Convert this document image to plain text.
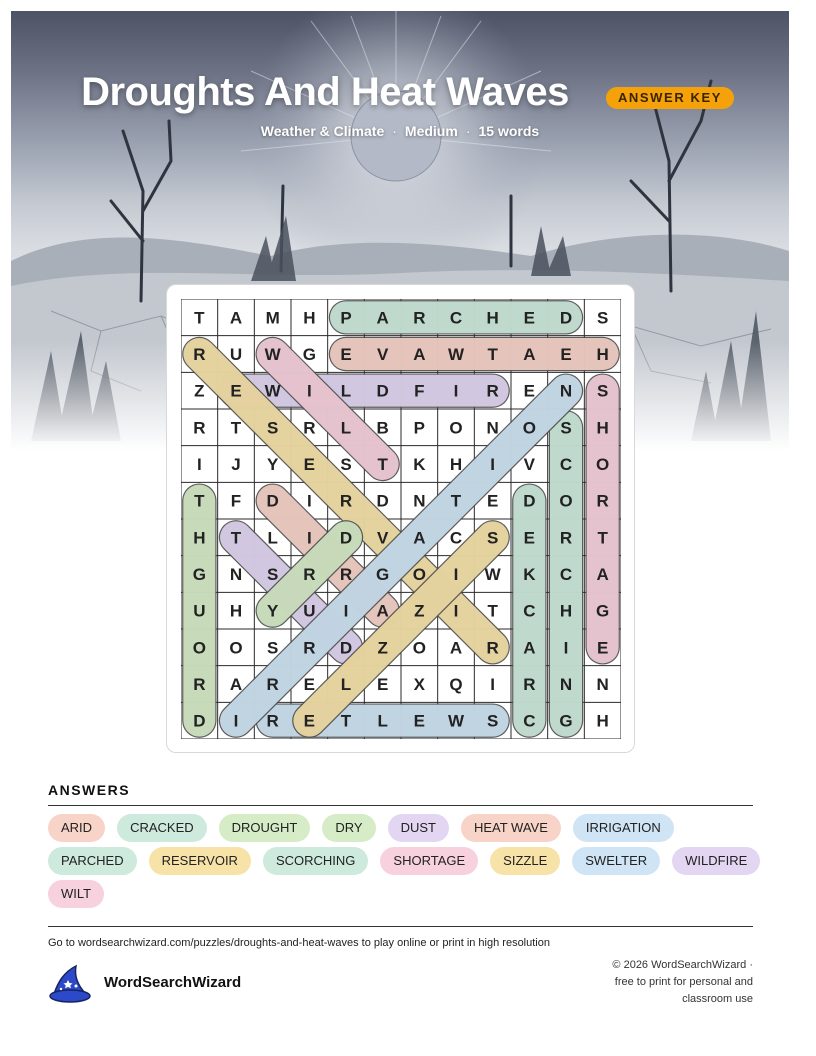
Droughts And Heat Waves	ANSWER KEY
Weather & Climate · Medium · 15 words
T A M H P A R C H E D S
R U W G E V A W T A E H
Z E W I L D F I R E N S
R T S R L B P O N O S H
I J Y E S T K H I V C O
T F D I R D N T E D O R
H T L I D V A C S E R T
G N S R R G O I W K C A
U H Y U I A Z I T C H G
O O S R D Z O A R A I E
R A R E L E X Q I R N N
D I R E T L E W S C G H
ANSWERS
ARID	CRACKED	DROUGHT	DRY	DUST	HEAT WAVE	IRRIGATION
PARCHED	RESERVOIR	SCORCHING	SHORTAGE	SIZZLE	SWELTER	WILDFIRE
WILT
Go to wordsearchwizard.com/puzzles/droughts-and-heat-waves to play online or print in high resolution
WordSearchWizard
© 2026 WordSearchWizard ·
free to print for personal and
classroom use
